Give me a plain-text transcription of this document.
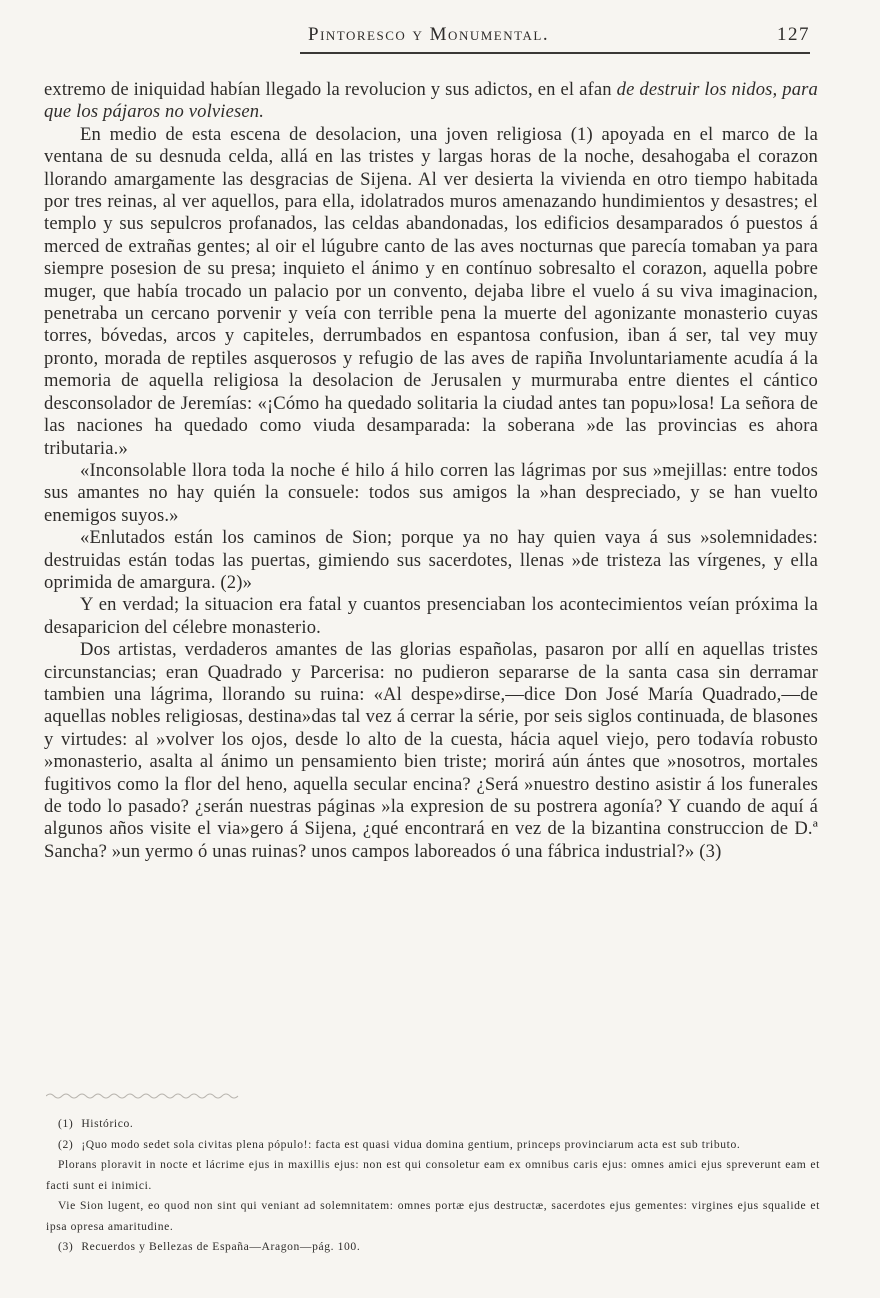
Pintoresco y Monumental.	127

extremo de iniquidad habían llegado la revolucion y sus adictos, en el afan de destruir los nidos, para que los pájaros no volviesen.

En medio de esta escena de desolacion, una joven religiosa (1) apoyada en el marco de la ventana de su desnuda celda, allá en las tristes y largas horas de la noche, desahogaba el corazon llorando amargamente las desgracias de Sijena. Al ver desierta la vivienda en otro tiempo habitada por tres reinas, al ver aquellos, para ella, idolatrados muros amenazando hundimientos y desastres; el templo y sus sepulcros profanados, las celdas abandonadas, los edificios desamparados ó puestos á merced de extrañas gentes; al oir el lúgubre canto de las aves nocturnas que parecía tomaban ya para siempre posesion de su presa; inquieto el ánimo y en contínuo sobresalto el corazon, aquella pobre muger, que había trocado un palacio por un convento, dejaba libre el vuelo á su viva imaginacion, penetraba un cercano porvenir y veía con terrible pena la muerte del agonizante monasterio cuyas torres, bóvedas, arcos y capiteles, derrumbados en espantosa confusion, iban á ser, tal vey muy pronto, morada de reptiles asquerosos y refugio de las aves de rapiña Involuntariamente acudía á la memoria de aquella religiosa la desolacion de Jerusalen y murmuraba entre dientes el cántico desconsolador de Jeremías: «¡Cómo ha quedado solitaria la ciudad antes tan popu»losa! La señora de las naciones ha quedado como viuda desamparada: la soberana »de las provincias es ahora tributaria.»

«Inconsolable llora toda la noche é hilo á hilo corren las lágrimas por sus »mejillas: entre todos sus amantes no hay quién la consuele: todos sus amigos la »han despreciado, y se han vuelto enemigos suyos.»

«Enlutados están los caminos de Sion; porque ya no hay quien vaya á sus »solemnidades: destruidas están todas las puertas, gimiendo sus sacerdotes, llenas »de tristeza las vírgenes, y ella oprimida de amargura. (2)»

Y en verdad; la situacion era fatal y cuantos presenciaban los acontecimientos veían próxima la desaparicion del célebre monasterio.

Dos artistas, verdaderos amantes de las glorias españolas, pasaron por allí en aquellas tristes circunstancias; eran Quadrado y Parcerisa: no pudieron separarse de la santa casa sin derramar tambien una lágrima, llorando su ruina: «Al despe»dirse,—dice Don José María Quadrado,—de aquellas nobles religiosas, destina»das tal vez á cerrar la série, por seis siglos continuada, de blasones y virtudes: al »volver los ojos, desde lo alto de la cuesta, hácia aquel viejo, pero todavía robusto »monasterio, asalta al ánimo un pensamiento bien triste; morirá aún ántes que »nosotros, mortales fugitivos como la flor del heno, aquella secular encina? ¿Será »nuestro destino asistir á los funerales de todo lo pasado? ¿serán nuestras páginas »la expresion de su postrera agonía? Y cuando de aquí á algunos años visite el via»gero á Sijena, ¿qué encontrará en vez de la bizantina construccion de D.ª Sancha? »un yermo ó unas ruinas? unos campos laboreados ó una fábrica industrial?» (3)

(1) Histórico.

(2) ¡Quo modo sedet sola civitas plena pópulo!: facta est quasi vidua domina gentium, princeps provinciarum acta est sub tributo.

Plorans ploravit in nocte et lácrime ejus in maxillis ejus: non est qui consoletur eam ex omnibus caris ejus: omnes amici ejus spreverunt eam et facti sunt ei inimici.

Vie Sion lugent, eo quod non sint qui veniant ad solemnitatem: omnes portæ ejus destructæ, sacerdotes ejus gementes: virgines ejus squalide et ipsa opresa amaritudine.

(3) Recuerdos y Bellezas de España—Aragon—pág. 100.
